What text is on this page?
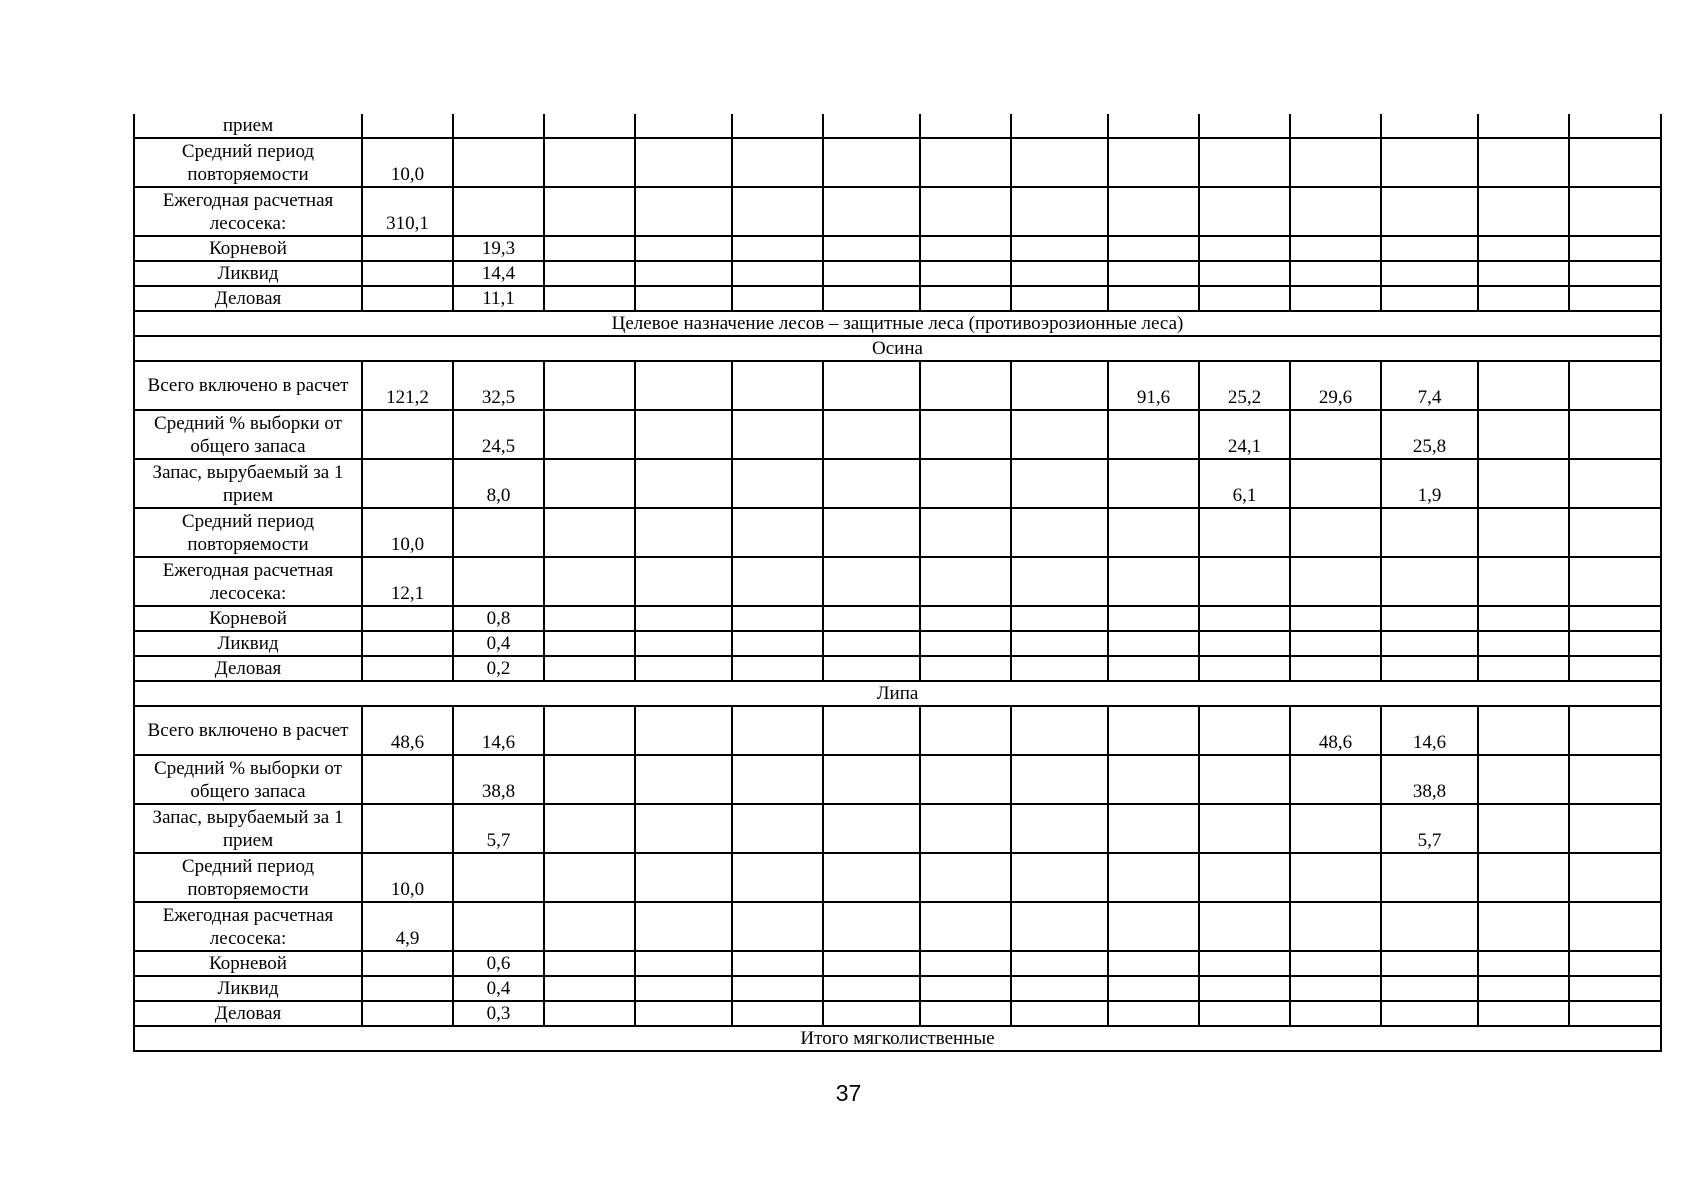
прием														
Средний период повторяемости	10,0													
Ежегодная расчетная лесосека:	310,1													
Корневой		19,3												
Ликвид		14,4												
Деловая		11,1												
Целевое назначение лесов – защитные леса (противоэрозионные леса)														
Осина														
Всего включено в расчет	121,2	32,5							91,6	25,2	29,6	7,4		
Средний % выборки от общего запаса		24,5								24,1		25,8		
Запас, вырубаемый за 1 прием		8,0								6,1		1,9		
Средний период повторяемости	10,0													
Ежегодная расчетная лесосека:	12,1													
Корневой		0,8												
Ликвид		0,4												
Деловая		0,2												
Липа														
Всего включено в расчет	48,6	14,6									48,6	14,6		
Средний % выборки от общего запаса		38,8										38,8		
Запас, вырубаемый за 1 прием		5,7										5,7		
Средний период повторяемости	10,0													
Ежегодная расчетная лесосека:	4,9													
Корневой		0,6												
Ликвид		0,4												
Деловая		0,3												
Итого мягколиственные														
37
